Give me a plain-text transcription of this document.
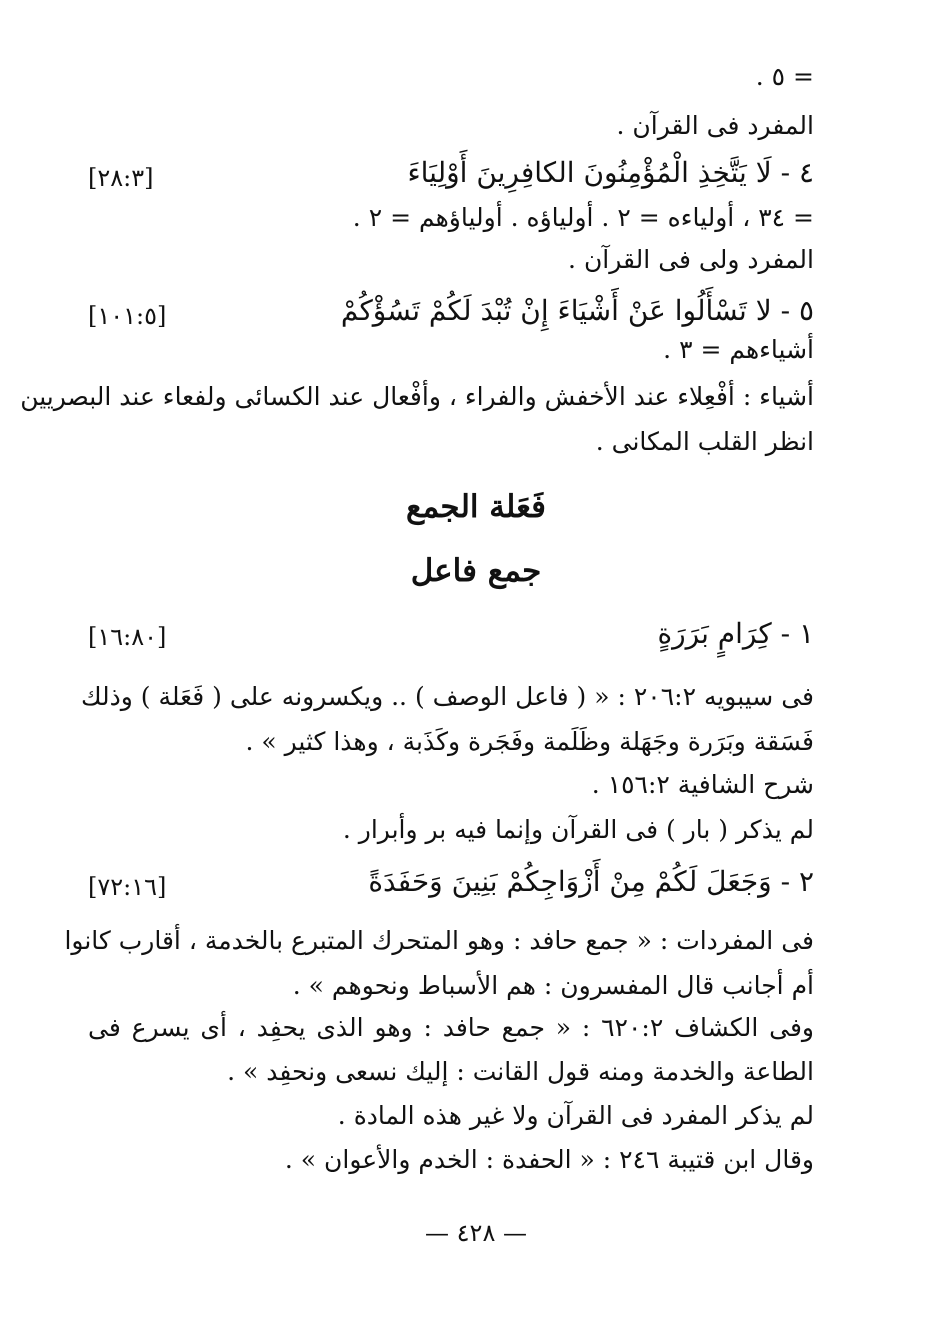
= ٥ .
المفرد فى القرآن .
٤ - لَا يَتَّخِذِ الْمُؤْمِنُونَ الكافِرِينَ أَوْلِيَاءَ
[٢٨:٣]
= ٣٤ ، أولياءه = ٢ . أولياؤه . أولياؤهم = ٢ .
المفرد ولى فى القرآن .
٥ - لا تَسْأَلُوا عَنْ أَشْيَاءَ إِنْ تُبْدَ لَكُمْ تَسُؤْكُمْ
[١٠١:٥]
أشياءهم = ٣ .
أشياء : أفْعِلاء عند الأخفش والفراء ، وأفْعال عند الكسائى ولفعاء عند البصريين
انظر القلب المكانى .
فَعَلة الجمع
جمع فاعل
١ - كِرَامٍ بَرَرَةٍ
[١٦:٨٠]
فى سيبويه ٢٠٦:٢ : « ( فاعل الوصف ) .. ويكسرونه على ( فَعَلة ) وذلك
فَسَقة وبَرَرة وجَهَلة وظَلَمة وفَجَرة وكَذَبة ، وهذا كثير » .
شرح الشافية ١٥٦:٢ .
لم يذكر ( بار ) فى القرآن وإنما فيه بر وأبرار .
٢ - وَجَعَلَ لَكُمْ مِنْ أَزْوَاجِكُمْ بَنِينَ وَحَفَدَةً
[٧٢:١٦]
فى المفردات : « جمع حافد : وهو المتحرك المتبرع بالخدمة ، أقارب كانوا
أم أجانب قال المفسرون : هم الأسباط ونحوهم » .
وفى الكشاف ٦٢٠:٢ : « جمع حافد : وهو الذى يحفِد ، أى يسرع فى
الطاعة والخدمة ومنه قول القانت : إليك نسعى ونحفِد » .
لم يذكر المفرد فى القرآن ولا غير هذه المادة .
وقال ابن قتيبة ٢٤٦ : « الحفدة : الخدم والأعوان » .
— ٤٢٨ —
